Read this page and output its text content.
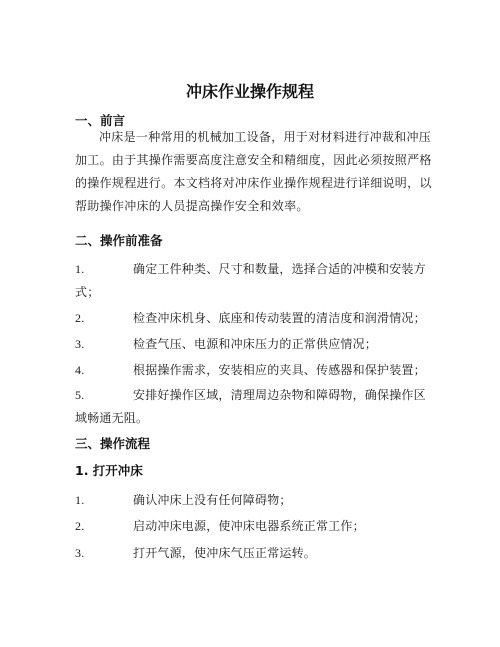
冲床作业操作规程
一、前言

冲床是一种常用的机械加工设备，用于对材料进行冲裁和冲压加工。由于其操作需要高度注意安全和精细度，因此必须按照严格的操作规程进行。本文档将对冲床作业操作规程进行详细说明，以帮助操作冲床的人员提高操作安全和效率。

二、操作前准备

1.	确定工件种类、尺寸和数量，选择合适的冲模和安装方式；

2.	检查冲床机身、底座和传动装置的清洁度和润滑情况；

3.	检查气压、电源和冲床压力的正常供应情况；

4.	根据操作需求，安装相应的夹具、传感器和保护装置；

5.	安排好操作区域，清理周边杂物和障碍物，确保操作区域畅通无阻。

三、操作流程
1. 打开冲床

1.	确认冲床上没有任何障碍物；

2.	启动冲床电源，使冲床电器系统正常工作；

3.	打开气源，使冲床气压正常运转。
